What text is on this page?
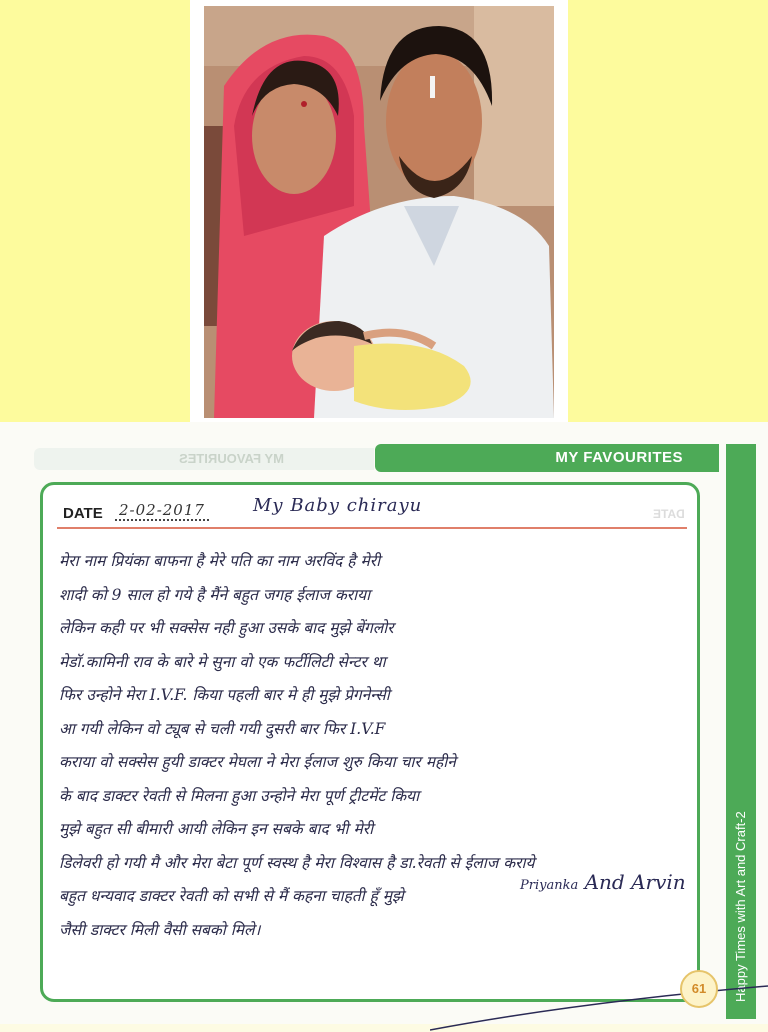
MY FAVOURITES	MY FAVOURITES
Happy Times with Art and Craft-2
DATE 2-02-2017	My Baby chirayu	DATE
मेरा नाम प्रियंका बाफना है मेरे पति का नाम अरविंद है मेरी
शादी को 9 साल हो गये है मैंने बहुत जगह ईलाज कराया
लेकिन कही पर भी सक्सेस नही हुआ उसके बाद मुझे बेंगलोर
मेडॉ.कामिनी राव के बारे मे सुना वो एक फर्टीलिटी सेन्टर था
फिर उन्होने मेरा I.V.F. किया पहली बार मे ही मुझे प्रेगनेन्सी
आ गयी लेकिन वो ट्यूब से चली गयी दुसरी बार फिर I.V.F
कराया वो सक्सेस हुयी डाक्टर मेघला ने मेरा ईलाज शुरु किया चार महीने
के बाद डाक्टर रेवती से मिलना हुआ उन्होने मेरा पूर्ण ट्रीटमेंट किया
मुझे बहुत सी बीमारी आयी लेकिन इन सबके बाद भी मेरी
डिलेवरी हो गयी मै और मेरा बेटा पूर्ण स्वस्थ है मेरा विश्वास है डा.रेवती से ईलाज कराये
बहुत धन्यवाद डाक्टर रेवती को सभी से मैं कहना चाहती हूँ मुझे
जैसी डाक्टर मिली वैसी सबको मिले।
Priyanka And Arvin
61
